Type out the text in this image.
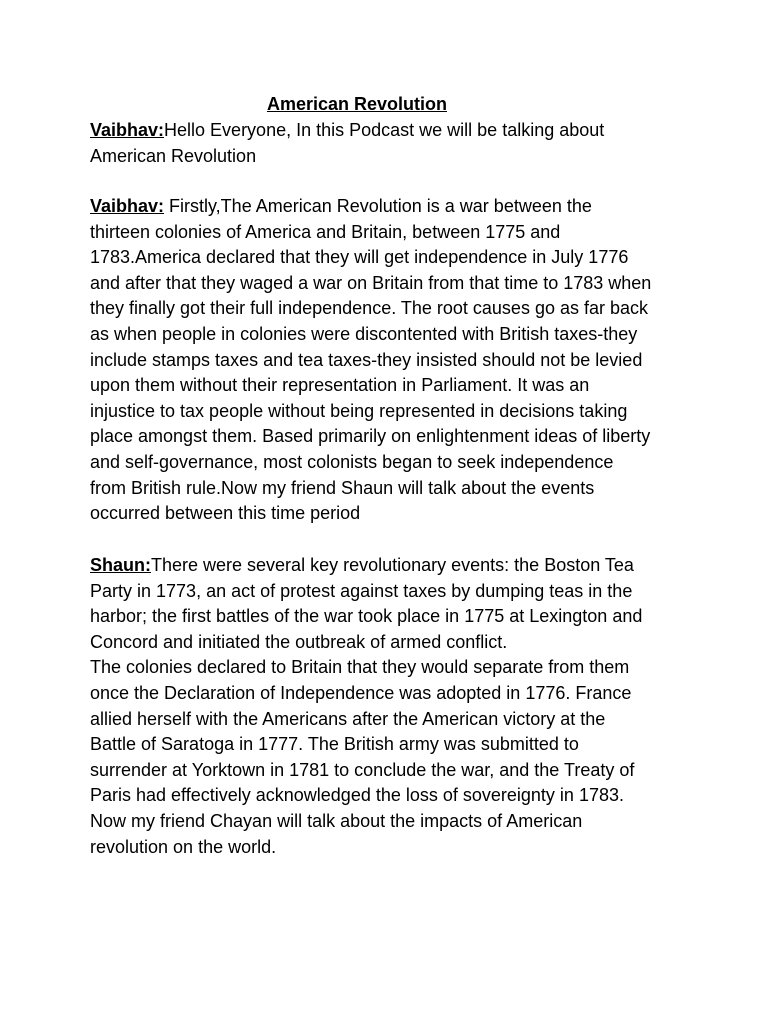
American Revolution
Vaibhav:Hello Everyone, In this Podcast we will be talking about
American Revolution
Vaibhav: Firstly,The American Revolution is a war between the
thirteen colonies of America and Britain, between 1775 and
1783.America declared that they will get independence in July 1776
and after that they waged a war on Britain from that time to 1783 when
they finally got their full independence. The root causes go as far back
as when people in colonies were discontented with British taxes-they
include stamps taxes and tea taxes-they insisted should not be levied
upon them without their representation in Parliament. It was an
injustice to tax people without being represented in decisions taking
place amongst them. Based primarily on enlightenment ideas of liberty
and self-governance, most colonists began to seek independence
from British rule.Now my friend Shaun will talk about the events
occurred between this time period
Shaun:There were several key revolutionary events: the Boston Tea
Party in 1773, an act of protest against taxes by dumping teas in the
harbor; the first battles of the war took place in 1775 at Lexington and
Concord and initiated the outbreak of armed conflict.
The colonies declared to Britain that they would separate from them
once the Declaration of Independence was adopted in 1776. France
allied herself with the Americans after the American victory at the
Battle of Saratoga in 1777. The British army was submitted to
surrender at Yorktown in 1781 to conclude the war, and the Treaty of
Paris had effectively acknowledged the loss of sovereignty in 1783.
Now my friend Chayan will talk about the impacts of American
revolution on the world.
